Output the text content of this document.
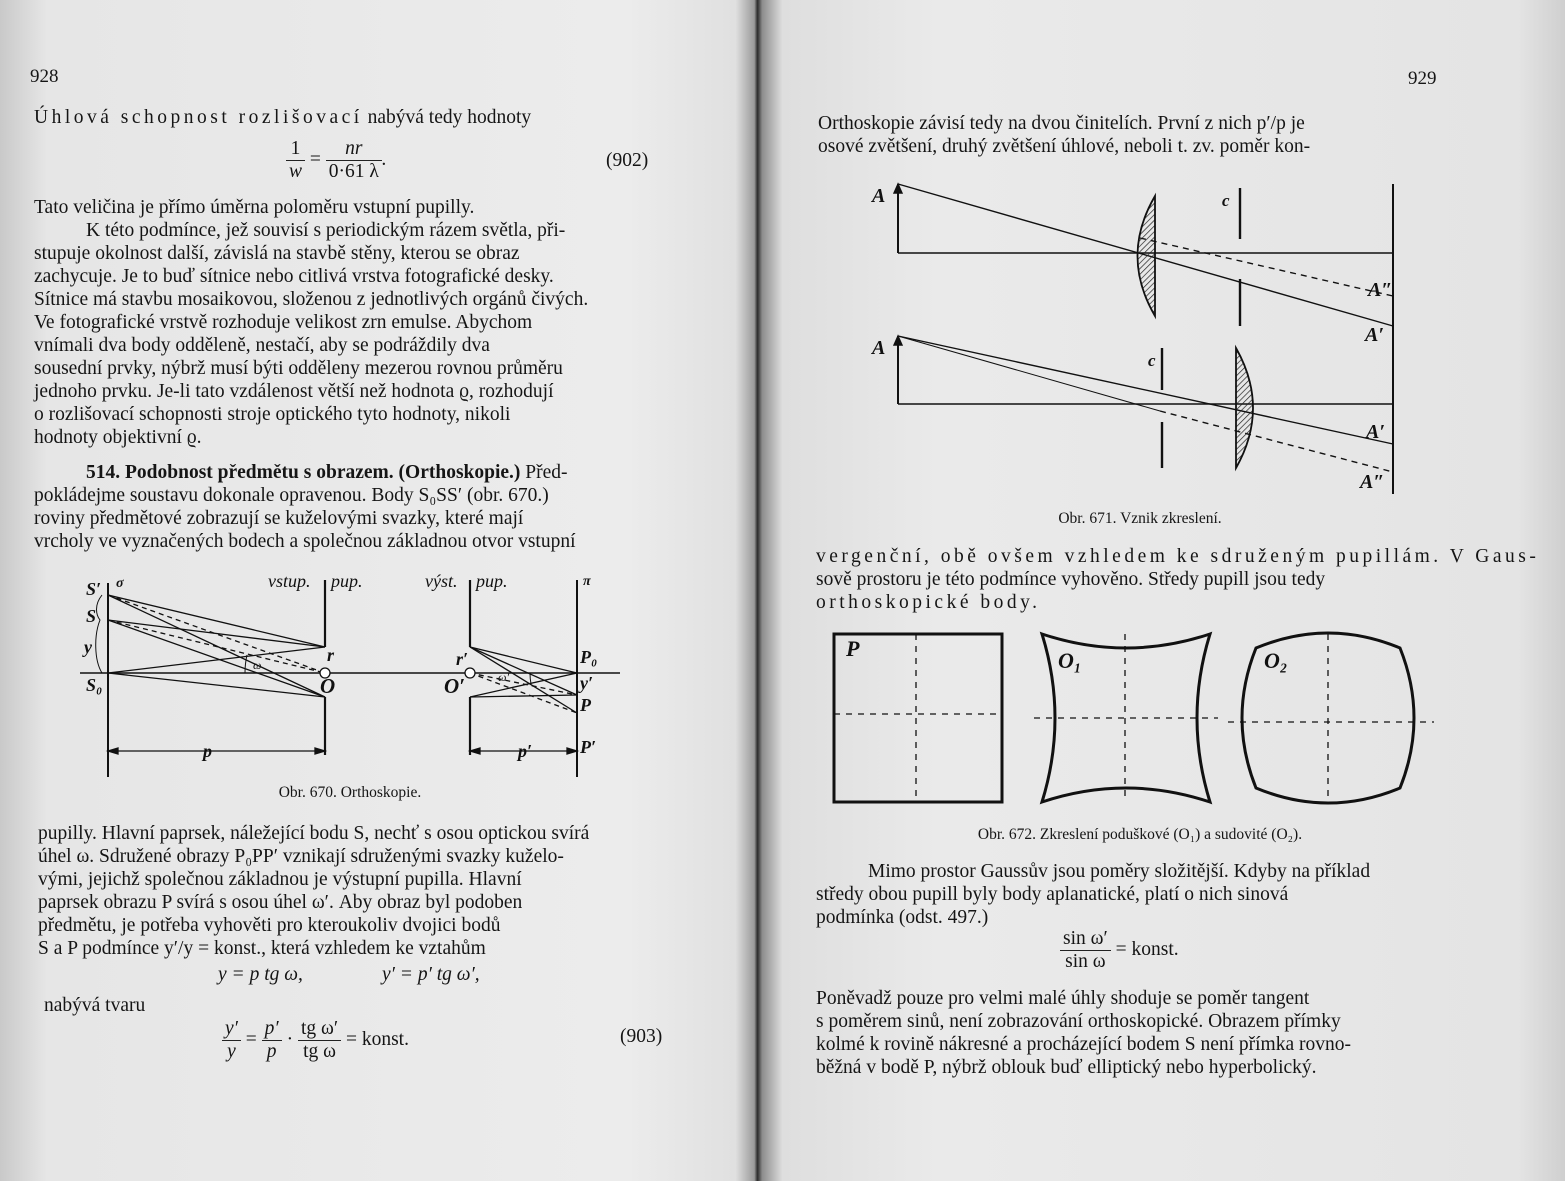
928
Úhlová schopnost rozlišovací nabývá tedy hodnoty
$\frac{1}{w} = \frac{nr}{0\cdot 61 \lambda}$ .	(902)
Tato veličina je přímo úměrna poloměru vstupní pupilly.
K této podmínce, jež souvisí s periodickým rázem světla, při-
stupuje okolnost další, závislá na stavbě stěny, kterou se obraz
zachycuje. Je to buď sítnice nebo citlivá vrstva fotografické desky.
Sítnice má stavbu mosaikovou, složenou z jednotlivých orgánů čivých.
Ve fotografické vrstvě rozhoduje velikost zrn emulse. Abychom
vnímali dva body odděleně, nestačí, aby se podráždily dva
sousední prvky, nýbrž musí býti odděleny mezerou rovnou průměru
jednoho prvku. Je-li tato vzdálenost větší než hodnota ϱ, rozhodují
o rozlišovací schopnosti stroje optického tyto hodnoty, nikoli
hodnoty objektivní ϱ.
514. Podobnost předmětu s obrazem. (Orthoskopie.) Před-
pokládejme soustavu dokonale opravenou. Body S₀SS′ (obr. 670.)
roviny předmětové zobrazují se kuželovými svazky, které mají
vrcholy ve vyznačených bodech a společnou základnou otvor vstupní
S′
S
y
S₀
σ	vstup. pup.	výst. pup.	π
r
O
ω	r′
O′	ω′
P₀
y′
P
P′
p	p′
Obr. 670. Orthoskopie.
pupilly. Hlavní paprsek, náležející bodu S, nechť s osou optickou svírá
úhel ω. Sdružené obrazy P₀PP′ vznikají sdruženými svazky kuželo-
vými, jejichž společnou základnou je výstupní pupilla. Hlavní
paprsek obrazu P svírá s osou úhel ω′. Aby obraz byl podoben
předmětu, je potřeba vyhověti pro kteroukoliv dvojici bodů
S a P podmínce y′/y = konst., která vzhledem ke vztahům
y = p tg ω,	y′ = p′ tg ω′,
nabývá tvaru
$\frac{y'}{y} = \frac{p'}{p} \cdot \frac{\text{tg ω′}}{\text{tg ω}}$ = konst.	(903)
929
Orthoskopie závisí tedy na dvou činitelích. První z nich p′/p je
osové zvětšení, druhý zvětšení úhlové, neboli t. zv. poměr kon-
A	c
A″
A′
A
c
A′
A″
Obr. 671. Vznik zkreslení.
vergenční, obě ovšem vzhledem ke sdruženým pupillám. V Gaus-
sově prostoru je této podmínce vyhověno. Středy pupill jsou tedy
orthoskopické body.
P	O₁	O₂
Obr. 672. Zkreslení poduškové (O₁) a sudovité (O₂).
Mimo prostor Gaussův jsou poměry složitější. Kdyby na příklad
středy obou pupill byly body aplanatické, platí o nich sinová
podmínka (odst. 497.)
$\frac{\text{sin ω′}}{\text{sin ω}}$ = konst.
Poněvadž pouze pro velmi malé úhly shoduje se poměr tangent
s poměrem sinů, není zobrazování orthoskopické. Obrazem přímky
kolmé k rovině nákresné a procházející bodem S není přímka rovno-
běžná v bodě P, nýbrž oblouk buď elliptický nebo hyperbolický.
